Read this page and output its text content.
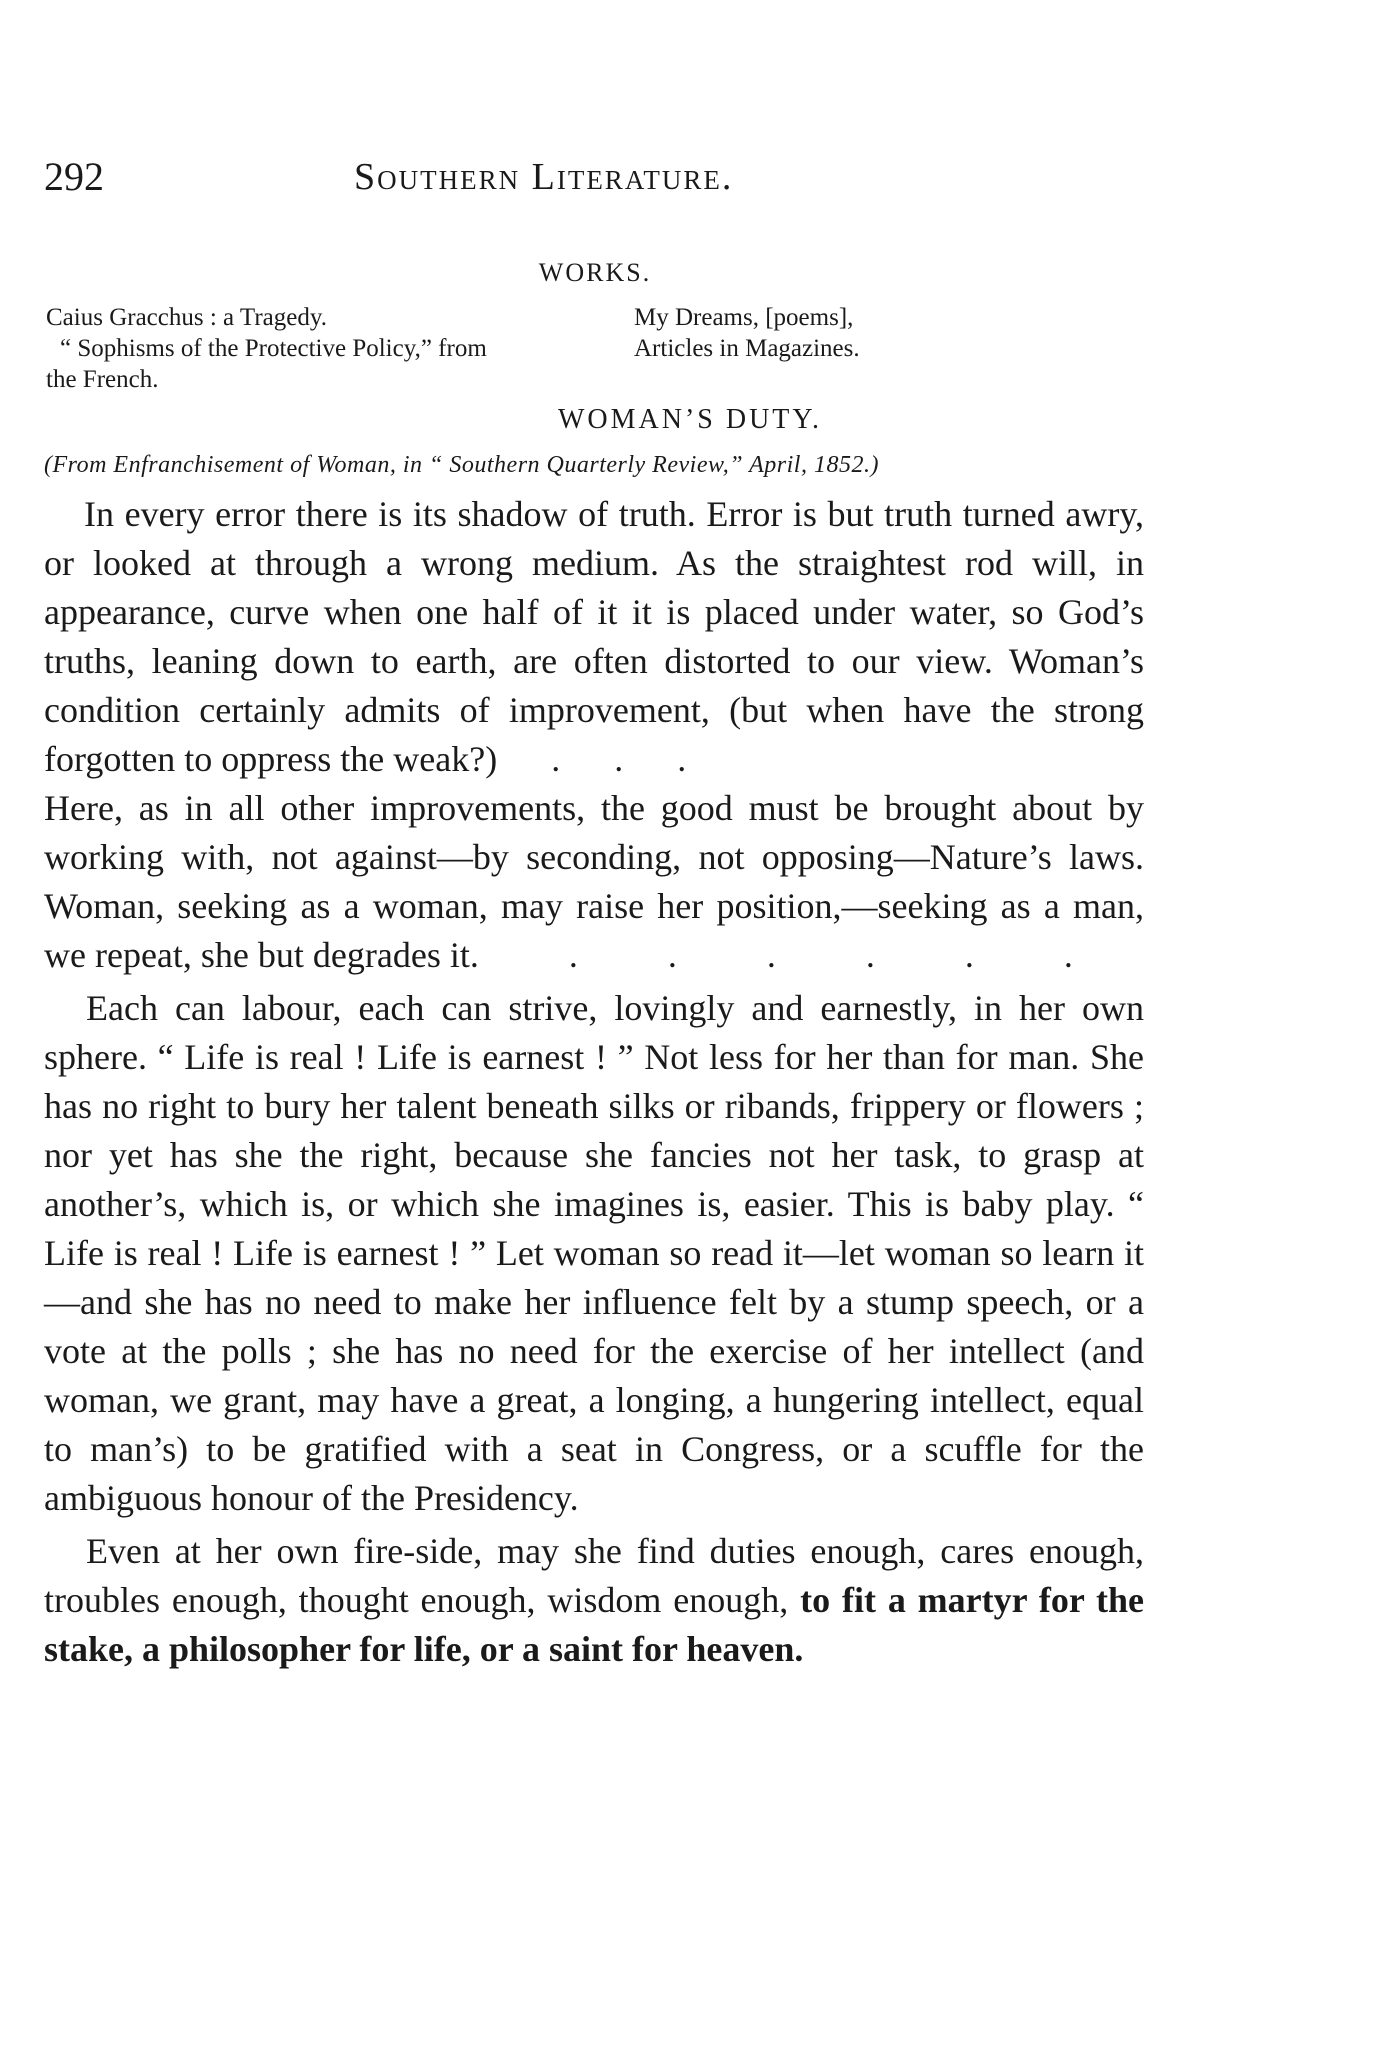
292	Southern Literature.
WORKS.
Caius Gracchus : a Tragedy.
“ Sophisms of the Protective Policy,” from
the French.
My Dreams, [poems],
Articles in Magazines.
WOMAN’S DUTY.
(From Enfranchisement of Woman, in “ Southern Quarterly Review,” April, 1852.)

In every error there is its shadow of truth. Error is but truth turned awry, or looked at through a wrong medium. As the straightest rod will, in appearance, curve when one half of it it is placed under water, so God’s truths, leaning down to earth, are often distorted to our view. Woman’s condition certainly admits of improvement, (but when have the strong forgotten to oppress the weak?)      .      .      .

Here, as in all other improvements, the good must be brought about by working with, not against—by seconding, not opposing—Nature’s laws. Woman, seeking as a woman, may raise her position,—seeking as a man, we repeat, she but degrades it.          .          .          .          .          .          .

Each can labour, each can strive, lovingly and earnestly, in her own sphere. “ Life is real ! Life is earnest ! ” Not less for her than for man. She has no right to bury her talent beneath silks or ribands, frippery or flowers ; nor yet has she the right, because she fancies not her task, to grasp at another’s, which is, or which she imagines is, easier. This is baby play. “ Life is real ! Life is earnest ! ” Let woman so read it—let woman so learn it—and she has no need to make her influence felt by a stump speech, or a vote at the polls ; she has no need for the exercise of her intellect (and woman, we grant, may have a great, a longing, a hungering intellect, equal to man’s) to be gratified with a seat in Congress, or a scuffle for the ambiguous honour of the Presidency.

Even at her own fire-side, may she find duties enough, cares enough, troubles enough, thought enough, wisdom enough, to fit a martyr for the stake, a philosopher for life, or a saint for heaven.
